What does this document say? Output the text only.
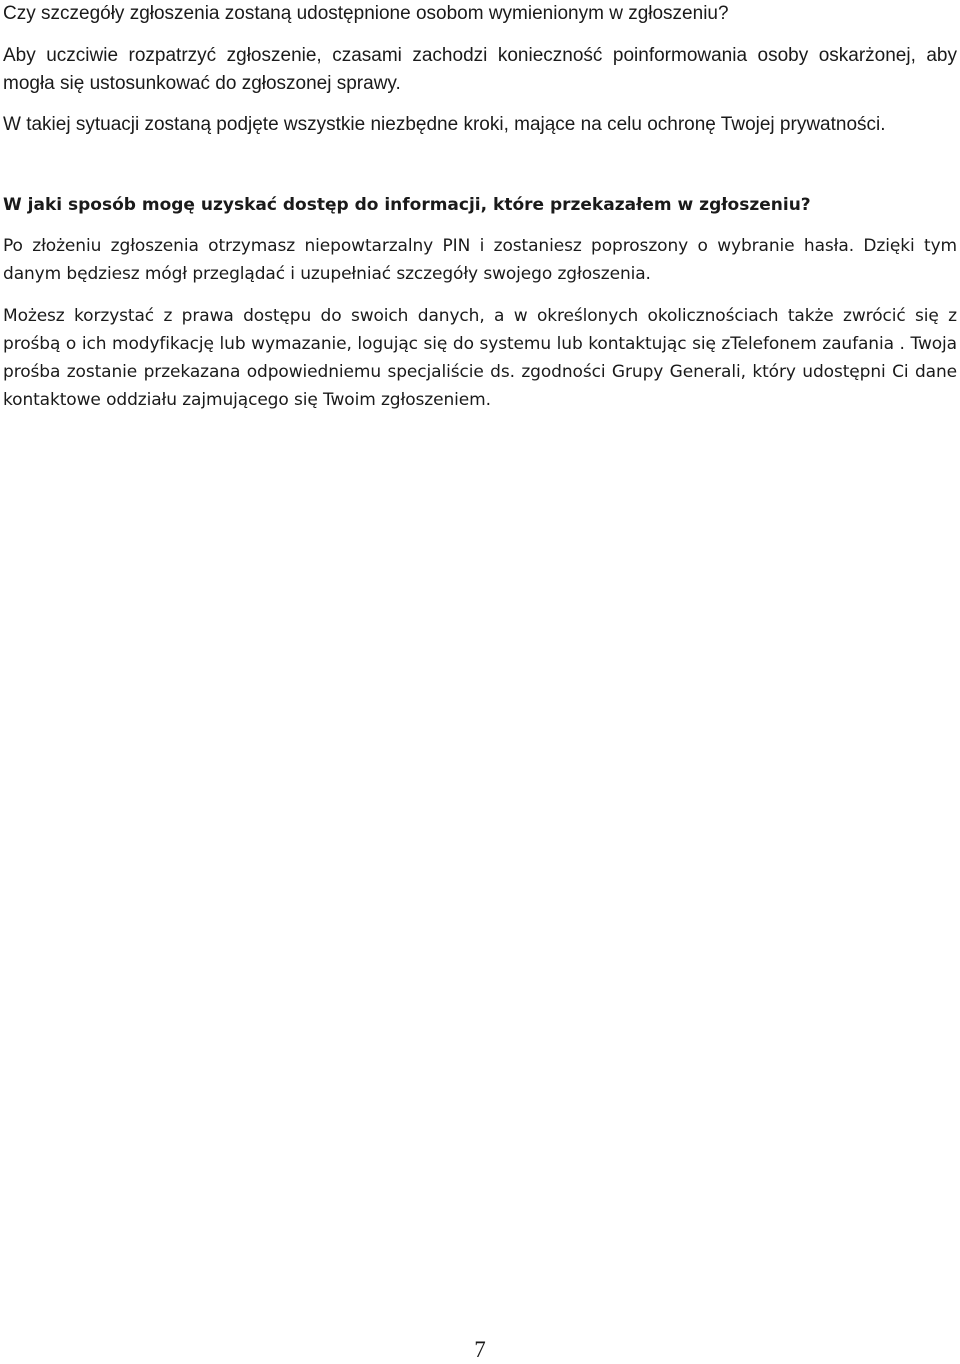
Czy szczegóły zgłoszenia zostaną udostępnione osobom wymienionym w zgłoszeniu?

Aby uczciwie rozpatrzyć zgłoszenie, czasami zachodzi konieczność poinformowania osoby oskarżonej, aby mogła się ustosunkować do zgłoszonej sprawy.

W takiej sytuacji zostaną podjęte wszystkie niezbędne kroki, mające na celu ochronę Twojej prywatności.

W jaki sposób mogę uzyskać dostęp do informacji, które przekazałem w zgłoszeniu?

Po złożeniu zgłoszenia otrzymasz niepowtarzalny PIN i zostaniesz poproszony o wybranie hasła. Dzięki tym danym będziesz mógł przeglądać i uzupełniać szczegóły swojego zgłoszenia.

Możesz korzystać z prawa dostępu do swoich danych, a w określonych okolicznościach także zwrócić się z prośbą o ich modyfikację lub wymazanie, logując się do systemu lub kontaktując się zTelefonem zaufania . Twoja prośba zostanie przekazana odpowiedniemu specjaliście ds. zgodności Grupy Generali, który udostępni Ci dane kontaktowe oddziału zajmującego się Twoim zgłoszeniem.

7
